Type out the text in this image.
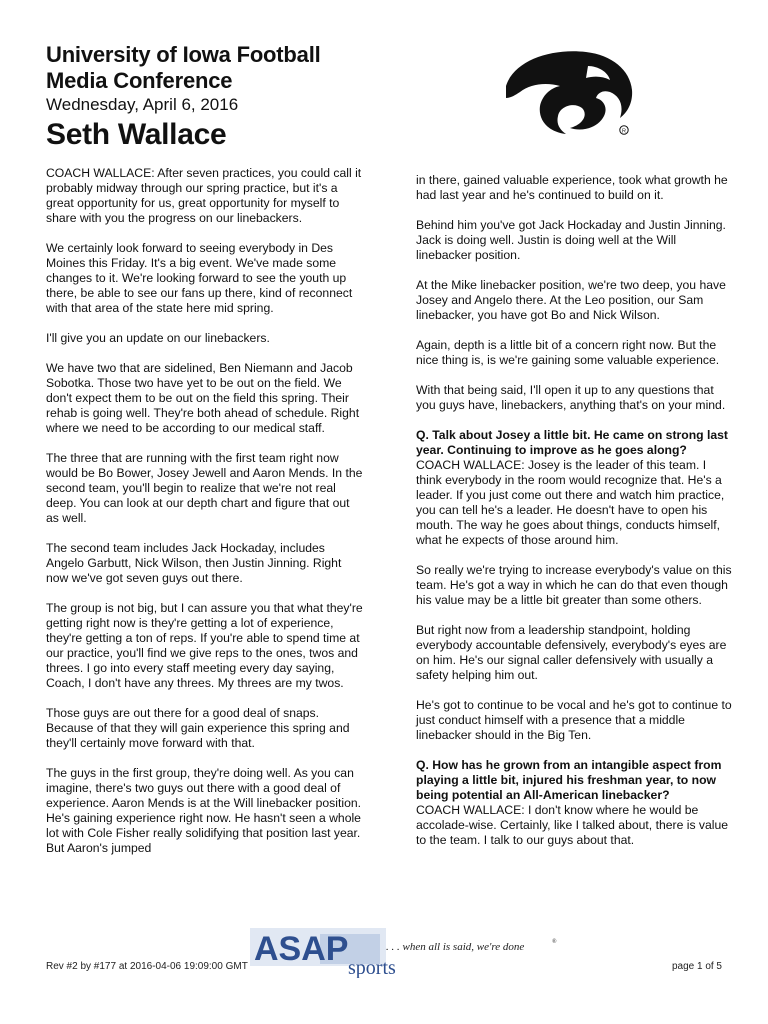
University of Iowa Football
Media Conference
Wednesday, April 6, 2016
Seth Wallace	R

COACH WALLACE: After seven practices, you could call it probably midway through our spring practice, but it's a great opportunity for us, great opportunity for myself to share with you the progress on our linebackers.

We certainly look forward to seeing everybody in Des Moines this Friday. It's a big event. We've made some changes to it. We're looking forward to see the youth up there, be able to see our fans up there, kind of reconnect with that area of the state here mid spring.

I'll give you an update on our linebackers.

We have two that are sidelined, Ben Niemann and Jacob Sobotka. Those two have yet to be out on the field. We don't expect them to be out on the field this spring. Their rehab is going well. They're both ahead of schedule. Right where we need to be according to our medical staff.

The three that are running with the first team right now would be Bo Bower, Josey Jewell and Aaron Mends. In the second team, you'll begin to realize that we're not real deep. You can look at our depth chart and figure that out as well.

The second team includes Jack Hockaday, includes Angelo Garbutt, Nick Wilson, then Justin Jinning. Right now we've got seven guys out there.

The group is not big, but I can assure you that what they're getting right now is they're getting a lot of experience, they're getting a ton of reps. If you're able to spend time at our practice, you'll find we give reps to the ones, twos and threes. I go into every staff meeting every day saying, Coach, I don't have any threes. My threes are my twos.

Those guys are out there for a good deal of snaps. Because of that they will gain experience this spring and they'll certainly move forward with that.

The guys in the first group, they're doing well. As you can imagine, there's two guys out there with a good deal of experience. Aaron Mends is at the Will linebacker position. He's gaining experience right now. He hasn't seen a whole lot with Cole Fisher really solidifying that position last year. But Aaron's jumped

in there, gained valuable experience, took what growth he had last year and he's continued to build on it.

Behind him you've got Jack Hockaday and Justin Jinning. Jack is doing well. Justin is doing well at the Will linebacker position.

At the Mike linebacker position, we're two deep, you have Josey and Angelo there. At the Leo position, our Sam linebacker, you have got Bo and Nick Wilson.

Again, depth is a little bit of a concern right now. But the nice thing is, is we're gaining some valuable experience.

With that being said, I'll open it up to any questions that you guys have, linebackers, anything that's on your mind.

Q. Talk about Josey a little bit. He came on strong last year. Continuing to improve as he goes along?
COACH WALLACE: Josey is the leader of this team. I think everybody in the room would recognize that. He's a leader. If you just come out there and watch him practice, you can tell he's a leader. He doesn't have to open his mouth. The way he goes about things, conducts himself, what he expects of those around him.

So really we're trying to increase everybody's value on this team. He's got a way in which he can do that even though his value may be a little bit greater than some others.

But right now from a leadership standpoint, holding everybody accountable defensively, everybody's eyes are on him. He's our signal caller defensively with usually a safety helping him out.

He's got to continue to be vocal and he's got to continue to just conduct himself with a presence that a middle linebacker should in the Big Ten.

Q. How has he grown from an intangible aspect from playing a little bit, injured his freshman year, to now being potential an All-American linebacker?
COACH WALLACE: I don't know where he would be accolade-wise. Certainly, like I talked about, there is value to the team. I talk to our guys about that.

ASAP sports
. . . when all is said, we're done	®
Rev #2 by #177 at 2016-04-06 19:09:00 GMT	page 1 of 5
